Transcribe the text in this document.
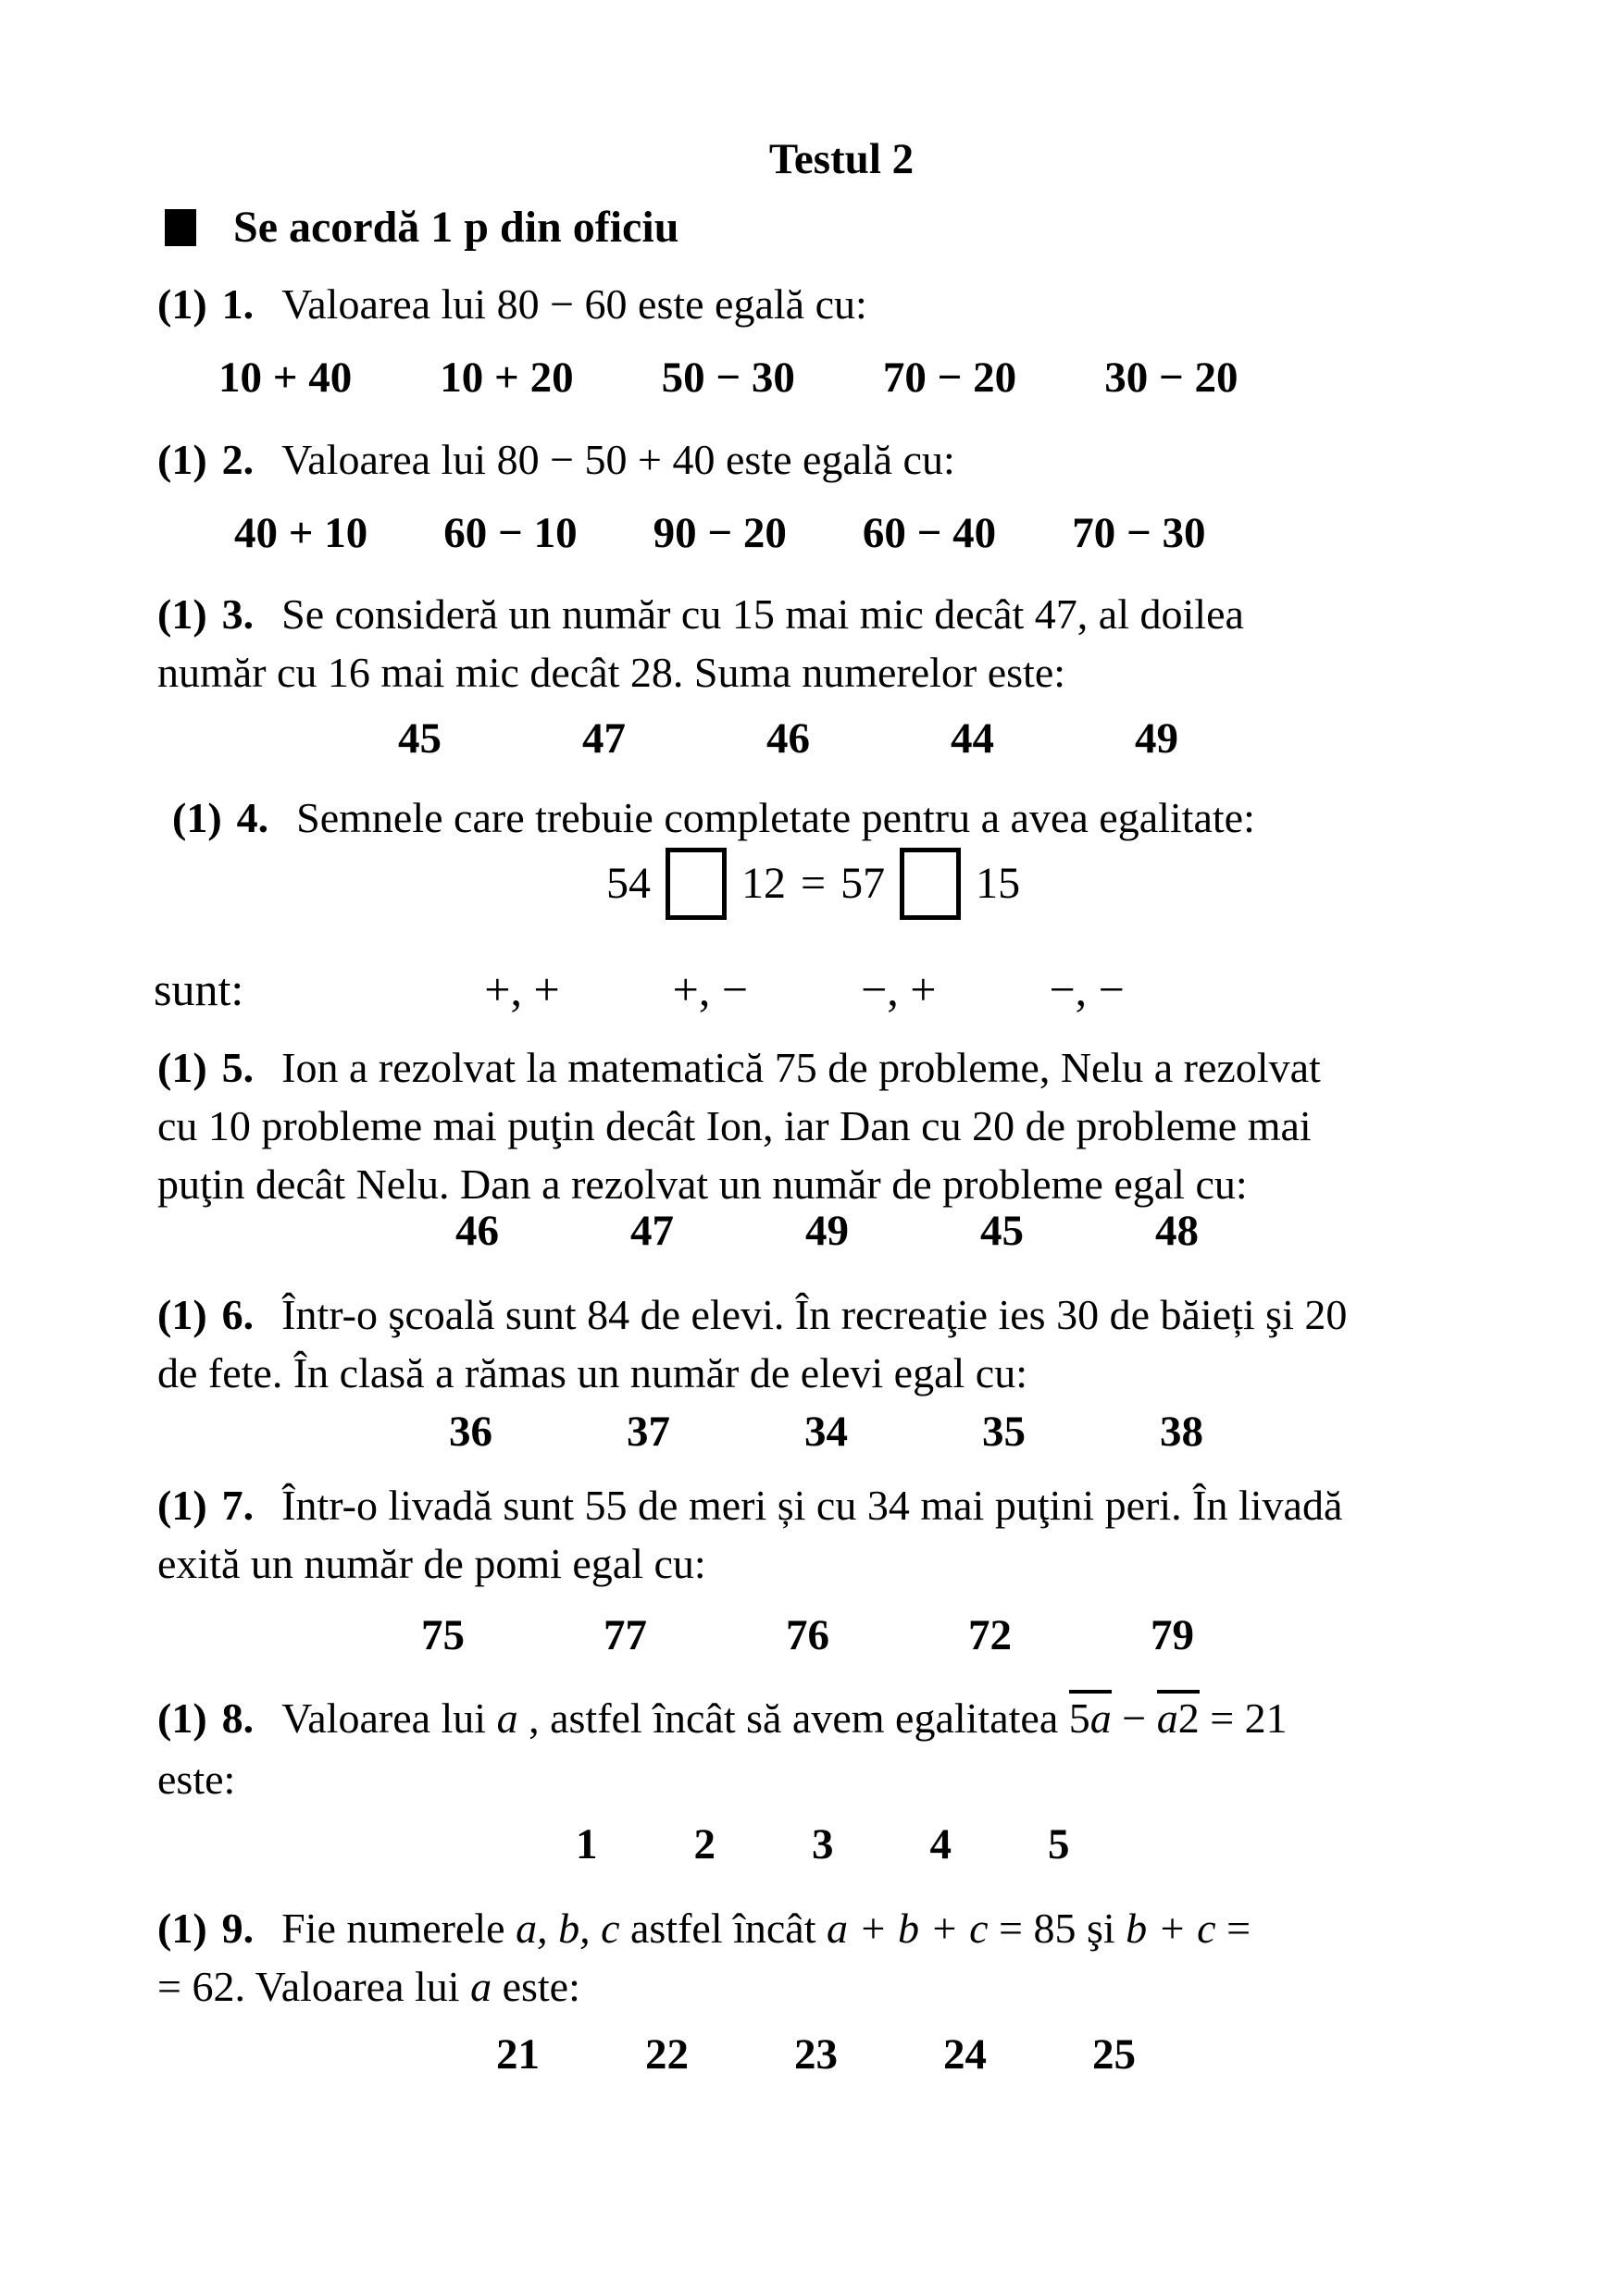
Testul 2
Se acordă 1 p din oficiu
(1) 1. Valoarea lui 80 − 60 este egală cu:
10 + 40 10 + 20 50 − 30 70 − 20 30 − 20
(1) 2. Valoarea lui 80 − 50 + 40 este egală cu:
40 + 10 60 − 10 90 − 20 60 − 40 70 − 30
(1) 3. Se consideră un număr cu 15 mai mic decât 47, al doilea
număr cu 16 mai mic decât 28. Suma numerelor este:
45	47	46	44	49
(1) 4. Semnele care trebuie completate pentru a avea egalitate:
54 12 = 57 15
sunt:	+, + +, − −, + −, −
(1) 5. Ion a rezolvat la matematică 75 de probleme, Nelu a rezolvat
cu 10 probleme mai puţin decât Ion, iar Dan cu 20 de probleme mai
puţin decât Nelu. Dan a rezolvat un număr de probleme egal cu:
46	47	49	45	48
(1) 6. Într-o şcoală sunt 84 de elevi. În recreaţie ies 30 de băieți şi 20
de fete. În clasă a rămas un număr de elevi egal cu:
36	37	34	35	38
(1) 7. Într-o livadă sunt 55 de meri și cu 34 mai puţini peri. În livadă
exită un număr de pomi egal cu:
75	77	76	72	79
(1) 8. Valoarea lui a , astfel încât să avem egalitatea 5a − a2 = 21
este:
1 2 3 4 5
(1) 9. Fie numerele a, b, c astfel încât a + b + c = 85 şi b + c =
= 62. Valoarea lui a este:
21 22 23 24 25
